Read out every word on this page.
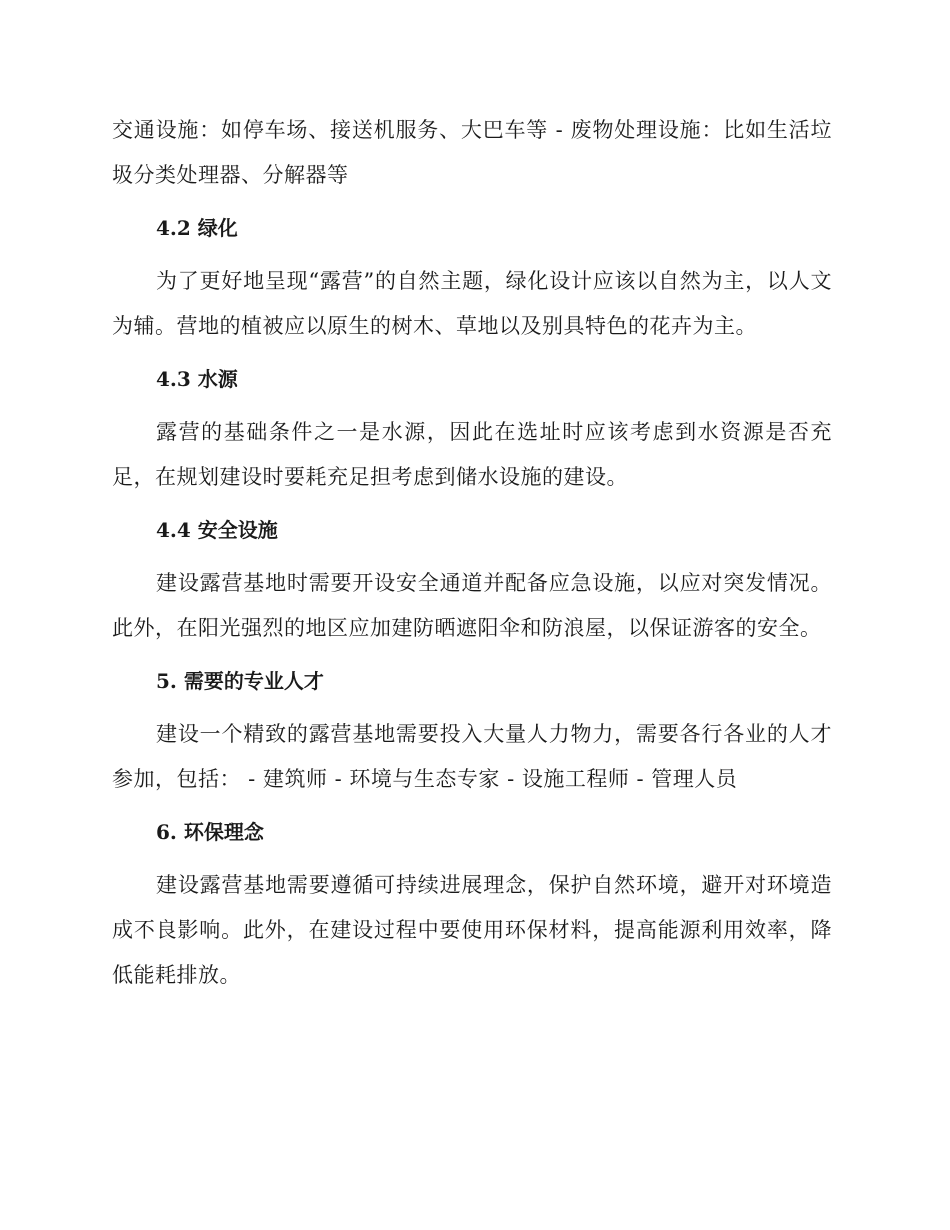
交通设施：如停车场、接送机服务、大巴车等 - 废物处理设施：比如生活垃圾分类处理器、分解器等

4.2 绿化

为了更好地呈现“露营”的自然主题，绿化设计应该以自然为主，以人文为辅。营地的植被应以原生的树木、草地以及别具特色的花卉为主。

4.3 水源

露营的基础条件之一是水源，因此在选址时应该考虑到水资源是否充足，在规划建设时要耗充足担考虑到储水设施的建设。

4.4 安全设施

建设露营基地时需要开设安全通道并配备应急设施，以应对突发情况。此外，在阳光强烈的地区应加建防晒遮阳伞和防浪屋，以保证游客的安全。

5. 需要的专业人才

建设一个精致的露营基地需要投入大量人力物力，需要各行各业的人才参加，包括： - 建筑师 - 环境与生态专家 - 设施工程师 - 管理人员

6. 环保理念

建设露营基地需要遵循可持续进展理念，保护自然环境，避开对环境造成不良影响。此外，在建设过程中要使用环保材料，提高能源利用效率，降低能耗排放。
